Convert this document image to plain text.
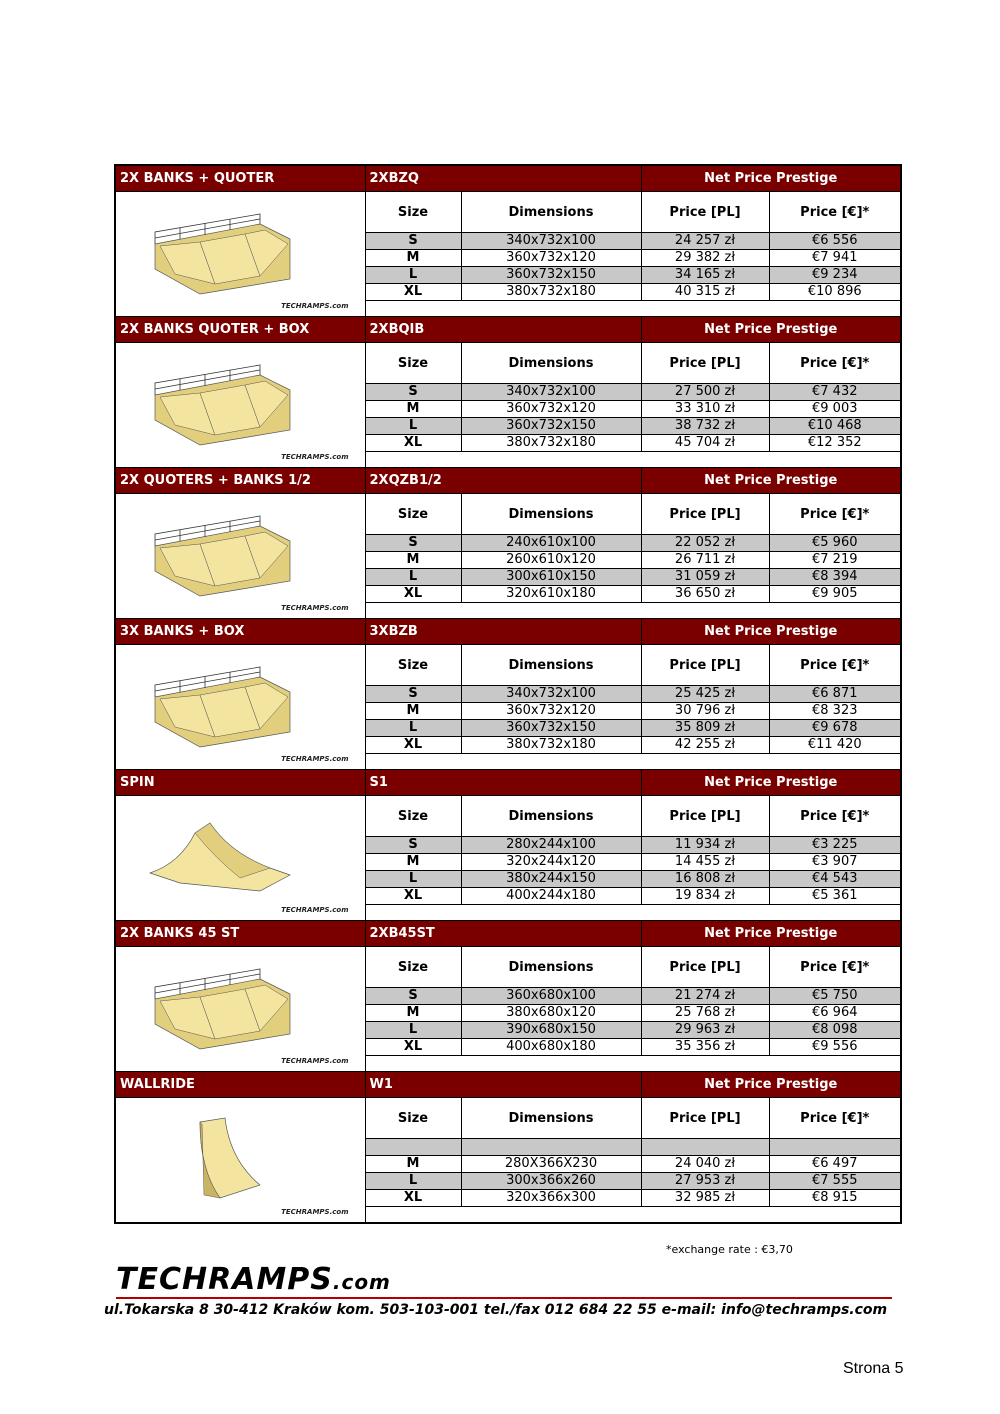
2X BANKS + QUOTER	2XBZQ		Net Price Prestige	

TECHRAMPS.com	Size	Dimensions	Price [PL]	Price [€]*
	S	340x732x100	24 257 zł	€6 556
	M	360x732x120	29 382 zł	€7 941
	L	360x732x150	34 165 zł	€9 234
	XL	380x732x180	40 315 zł	€10 896

2X BANKS QUOTER + BOX	2XBQIB		Net Price Prestige	

TECHRAMPS.com	Size	Dimensions	Price [PL]	Price [€]*
	S	340x732x100	27 500 zł	€7 432
	M	360x732x120	33 310 zł	€9 003
	L	360x732x150	38 732 zł	€10 468
	XL	380x732x180	45 704 zł	€12 352

2X QUOTERS + BANKS 1/2	2XQZB1/2		Net Price Prestige	

TECHRAMPS.com	Size	Dimensions	Price [PL]	Price [€]*
	S	240x610x100	22 052 zł	€5 960
	M	260x610x120	26 711 zł	€7 219
	L	300x610x150	31 059 zł	€8 394
	XL	320x610x180	36 650 zł	€9 905

3X BANKS + BOX	3XBZB		Net Price Prestige	

TECHRAMPS.com	Size	Dimensions	Price [PL]	Price [€]*
	S	340x732x100	25 425 zł	€6 871
	M	360x732x120	30 796 zł	€8 323
	L	360x732x150	35 809 zł	€9 678
	XL	380x732x180	42 255 zł	€11 420

SPIN	S1		Net Price Prestige	

TECHRAMPS.com	Size	Dimensions	Price [PL]	Price [€]*
	S	280x244x100	11 934 zł	€3 225
	M	320x244x120	14 455 zł	€3 907
	L	380x244x150	16 808 zł	€4 543
	XL	400x244x180	19 834 zł	€5 361

2X BANKS 45 ST	2XB45ST		Net Price Prestige	

TECHRAMPS.com	Size	Dimensions	Price [PL]	Price [€]*
	S	360x680x100	21 274 zł	€5 750
	M	380x680x120	25 768 zł	€6 964
	L	390x680x150	29 963 zł	€8 098
	XL	400x680x180	35 356 zł	€9 556

WALLRIDE	W1		Net Price Prestige	

TECHRAMPS.com	Size	Dimensions	Price [PL]	Price [€]*

	M	280X366X230	24 040 zł	€6 497
	L	300x366x260	27 953 zł	€7 555
	XL	320x366x300	32 985 zł	€8 915

*exchange rate : €3,70
TECHRAMPS.com
ul.Tokarska 8 30-412 Kraków kom. 503-103-001 tel./fax 012 684 22 55 e-mail: info@techramps.com
Strona 5
